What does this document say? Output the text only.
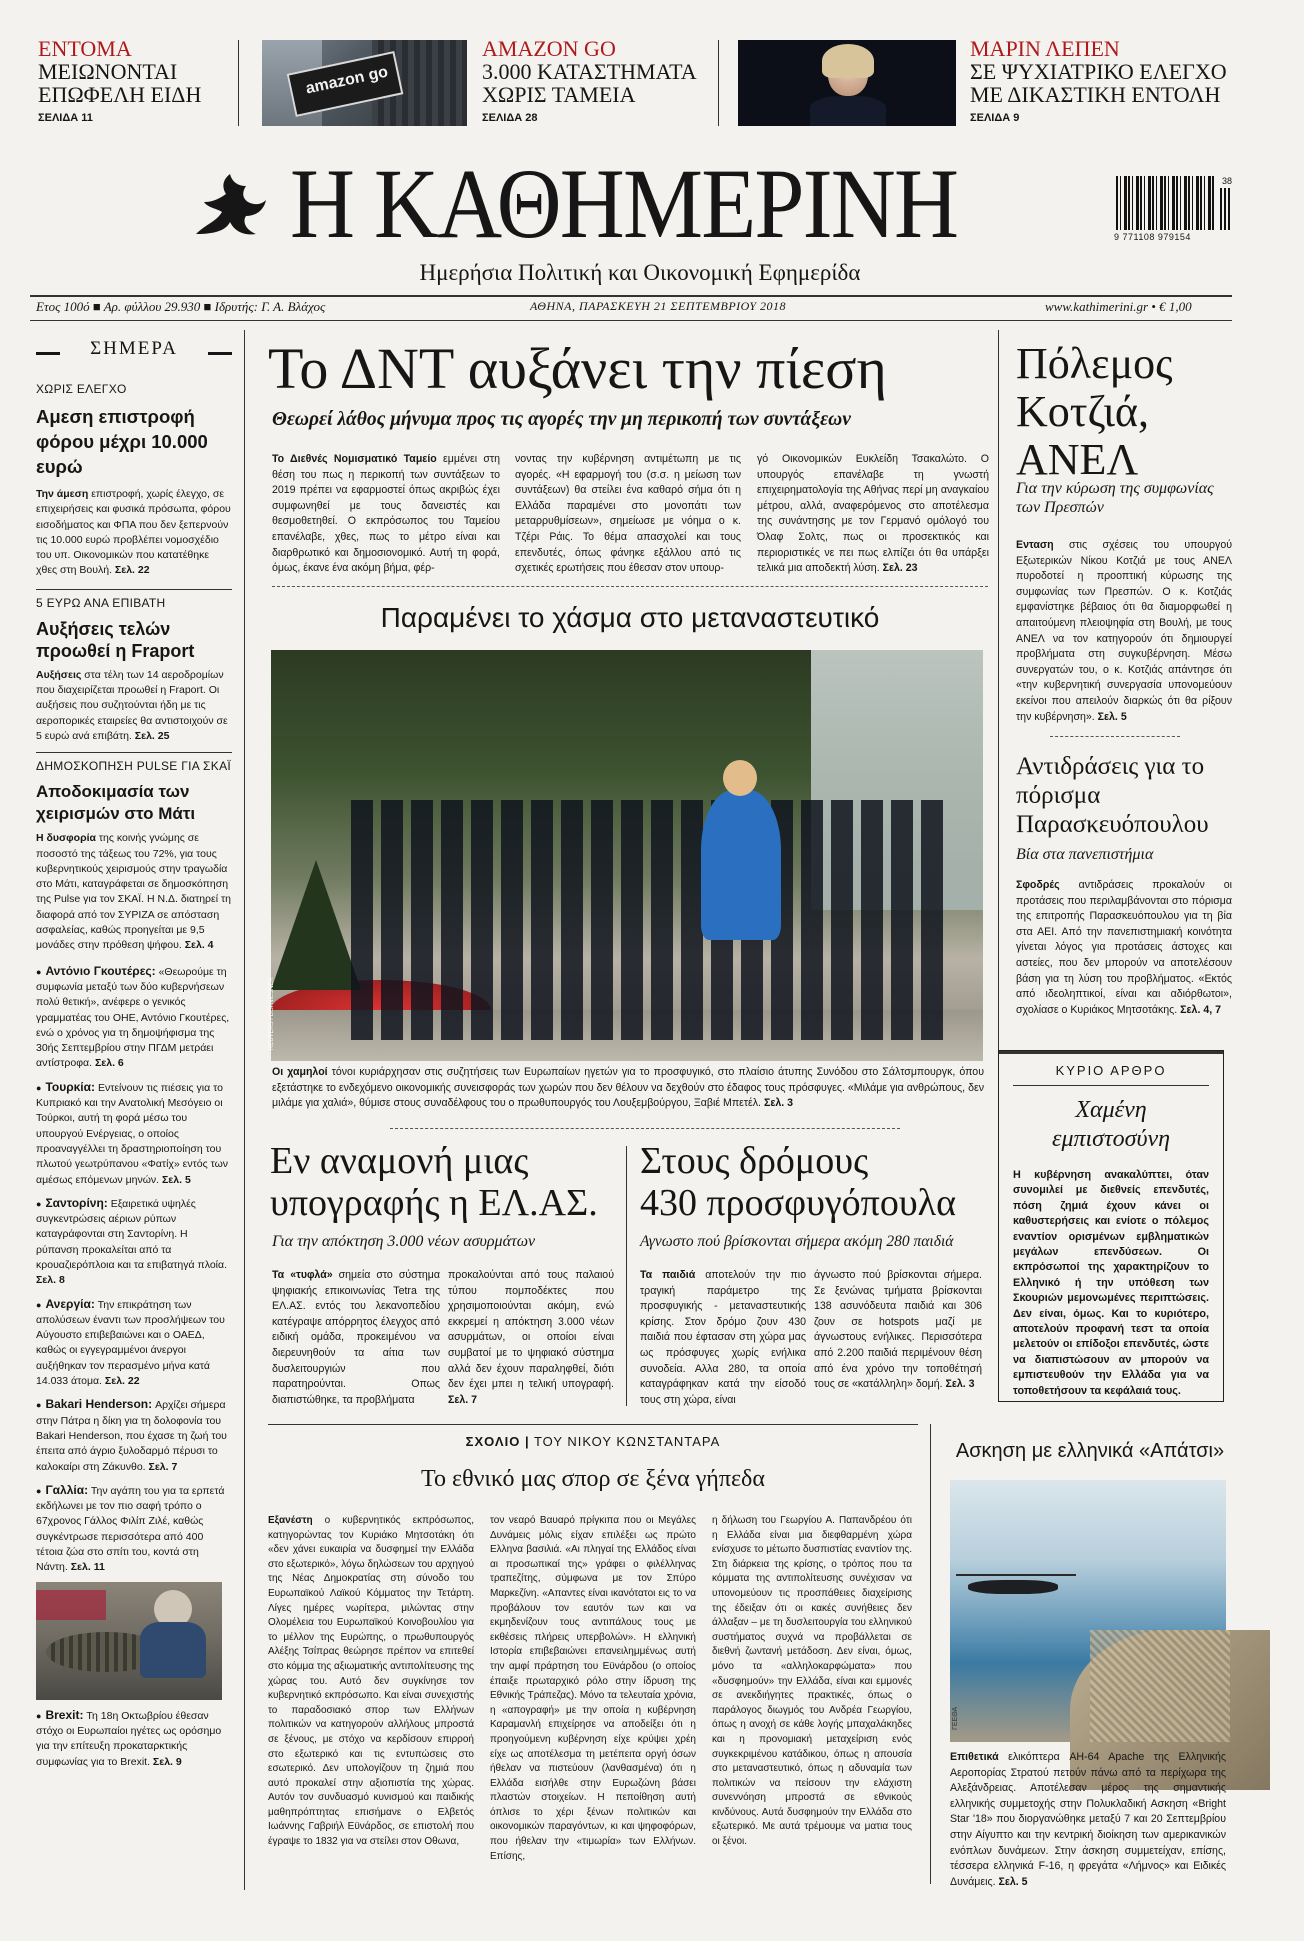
ΕΝΤΟΜΑ
ΜΕΙΩΝΟΝΤΑΙ
ΕΠΩΦΕΛΗ ΕΙΔΗ
ΣΕΛΙΔΑ 11
amazon go
AMAZON GO
3.000 ΚΑΤΑΣΤΗΜΑΤΑ
ΧΩΡΙΣ ΤΑΜΕΙΑ
ΣΕΛΙΔΑ 28
ΜΑΡΙΝ ΛΕΠΕΝ
ΣΕ ΨΥΧΙΑΤΡΙΚΟ ΕΛΕΓΧΟ
ΜΕ ΔΙΚΑΣΤΙΚΗ ΕΝΤΟΛΗ
ΣΕΛΙΔΑ 9
Η ΚΑΘΗΜΕΡΙΝΗ
Ημερήσια Πολιτική και Οικονομική Εφημερίδα
38
9 771108 979154
Ετος 100ό ■ Αρ. φύλλου 29.930 ■ Ιδρυτής: Γ. Α. Βλάχος	ΑΘΗΝΑ, ΠΑΡΑΣΚΕΥΗ 21 ΣΕΠΤΕΜΒΡΙΟΥ 2018	www.kathimerini.gr • € 1,00
ΣΗΜΕΡΑ
ΧΩΡΙΣ ΕΛΕΓΧΟ
Αμεση επιστροφή φόρου μέχρι 10.000 ευρώ
Την άμεση επιστροφή, χωρίς έλεγχο, σε επιχειρήσεις και φυσικά πρόσωπα, φόρου εισοδήματος και ΦΠΑ που δεν ξεπερνούν τις 10.000 ευρώ προβλέπει νομοσχέδιο του υπ. Οικονομικών που κατατέθηκε χθες στη Βουλή. Σελ. 22
5 ΕΥΡΩ ΑΝΑ ΕΠΙΒΑΤΗ
Αυξήσεις τελών προωθεί η Fraport
Αυξήσεις στα τέλη των 14 αεροδρομίων που διαχειρίζεται προωθεί η Fraport. Οι αυξήσεις που συζητούνται ήδη με τις αεροπορικές εταιρείες θα αντιστοιχούν σε 5 ευρώ ανά επιβάτη. Σελ. 25
ΔΗΜΟΣΚΟΠΗΣΗ PULSE ΓΙΑ ΣΚΑΪ
Αποδοκιμασία των χειρισμών στο Μάτι
Η δυσφορία της κοινής γνώμης σε ποσοστό της τάξεως του 72%, για τους κυβερνητικούς χειρισμούς στην τραγωδία στο Μάτι, καταγράφεται σε δημοσκόπηση της Pulse για τον ΣΚΑΪ. Η Ν.Δ. διατηρεί τη διαφορά από τον ΣΥΡΙΖΑ σε απόσταση ασφαλείας, καθώς προηγείται με 9,5 μονάδες στην πρόθεση ψήφου. Σελ. 4
● Αντόνιο Γκουτέρες: «Θεωρούμε τη συμφωνία μεταξύ των δύο κυβερνήσεων πολύ θετική», ανέφερε ο γενικός γραμματέας του ΟΗΕ, Αντόνιο Γκουτέρες, ενώ ο χρόνος για τη δημοψήφισμα της 30ής Σεπτεμβρίου στην ΠΓΔΜ μετράει αντίστροφα. Σελ. 6
● Τουρκία: Εντείνουν τις πιέσεις για το Κυπριακό και την Ανατολική Μεσόγειο οι Τούρκοι, αυτή τη φορά μέσω του υπουργού Ενέργειας, ο οποίος προαναγγέλλει τη δραστηριοποίηση του πλωτού γεωτρύπανου «Φατίχ» εντός των αμέσως επόμενων μηνών. Σελ. 5
● Σαντορίνη: Εξαιρετικά υψηλές συγκεντρώσεις αέριων ρύπων καταγράφονται στη Σαντορίνη. Η ρύπανση προκαλείται από τα κρουαζιερόπλοια και τα επιβατηγά πλοία. Σελ. 8
● Ανεργία: Την επικράτηση των απολύσεων έναντι των προσλήψεων του Αύγουστο επιβεβαιώνει και ο ΟΑΕΔ, καθώς οι εγγεγραμμένοι άνεργοι αυξήθηκαν τον περασμένο μήνα κατά 14.033 άτομα. Σελ. 22
● Bakari Henderson: Αρχίζει σήμερα στην Πάτρα η δίκη για τη δολοφονία του Bakari Henderson, που έχασε τη ζωή του έπειτα από άγριο ξυλοδαρμό πέρυσι το καλοκαίρι στη Ζάκυνθο. Σελ. 7
● Γαλλία: Την αγάπη του για τα ερπετά εκδήλωνει με τον πιο σαφή τρόπο ο 67χρονος Γάλλος Φιλίπ Ζιλέ, καθώς συγκέντρωσε περισσότερα από 400 τέτοια ζώα στο σπίτι του, κοντά στη Νάντη. Σελ. 11
REUTERS / STEPHANE MAHE
● Brexit: Τη 18η Οκτωβρίου έθεσαν στόχο οι Ευρωπαίοι ηγέτες ως ορόσημο για την επίτευξη προκαταρκτικής συμφωνίας για το Brexit. Σελ. 9
Το ΔΝΤ αυξάνει την πίεση
Θεωρεί λάθος μήνυμα προς τις αγορές την μη περικοπή των συντάξεων
Το Διεθνές Νομισματικό Ταμείο εμμένει στη θέση του πως η περικοπή των συντάξεων το 2019 πρέπει να εφαρμοστεί όπως ακριβώς έχει συμφωνηθεί με τους δανειστές και θεσμοθετηθεί. Ο εκπρόσωπος του Ταμείου επανέλαβε, χθες, πως το μέτρο είναι και διαρθρωτικό και δημοσιονομικό. Αυτή τη φορά, όμως, έκανε ένα ακόμη βήμα, φέρ-
νοντας την κυβέρνηση αντιμέτωπη με τις αγορές. «Η εφαρμογή του (σ.σ. η μείωση των συντάξεων) θα στείλει ένα καθαρό σήμα ότι η Ελλάδα παραμένει στο μονοπάτι των μεταρρυθμίσεων», σημείωσε με νόημα ο κ. Τζέρι Ράις. Το θέμα απασχολεί και τους επενδυτές, όπως φάνηκε εξάλλου από τις σχετικές ερωτήσεις που έθεσαν στον υπουρ-
γό Οικονομικών Ευκλείδη Τσακαλώτο. Ο υπουργός επανέλαβε τη γνωστή επιχειρηματολογία της Αθήνας περί μη αναγκαίου μέτρου, αλλά, αναφερόμενος στο αποτέλεσμα της συνάντησης με τον Γερμανό ομόλογό του Όλαφ Σολτς, πως οι προσεκτικός και περιοριστικές νε πει πως ελπίζει ότι θα υπάρξει τελικά μια αποδεκτή λύση. Σελ. 23
Παραμένει το χάσμα στο μεταναστευτικό
REUTERS / LISI NIESNER
Οι χαμηλοί τόνοι κυριάρχησαν στις συζητήσεις των Ευρωπαίων ηγετών για το προσφυγικό, στο πλαίσιο άτυπης Συνόδου στο Σάλτσμπουργκ, όπου εξετάστηκε το ενδεχόμενο οικονομικής συνεισφοράς των χωρών που δεν θέλουν να δεχθούν στο έδαφος τους πρόσφυγες. «Μιλάμε για ανθρώπους, δεν μιλάμε για χαλιά», θύμισε στους συναδέλφους του ο πρωθυπουργός του Λουξεμβούργου, Ξαβιέ Μπετέλ. Σελ. 3
Πόλεμος Κοτζιά, ΑΝΕΛ
Για την κύρωση της συμφωνίας των Πρεσπών
Ενταση στις σχέσεις του υπουργού Εξωτερικών Νίκου Κοτζιά με τους ΑΝΕΛ πυροδοτεί η προοπτική κύρωσης της συμφωνίας των Πρεσπών. Ο κ. Κοτζιάς εμφανίστηκε βέβαιος ότι θα διαμορφωθεί η απαιτούμενη πλειοψηφία στη Βουλή, με τους ΑΝΕΛ να τον κατηγορούν ότι δημιουργεί προβλήματα στη συγκυβέρνηση. Μέσω συνεργατών του, ο κ. Κοτζιάς απάντησε ότι «την κυβερνητική συνεργασία υπονομεύουν εκείνοι που απειλούν διαρκώς ότι θα ρίξουν την κυβέρνηση». Σελ. 5
Αντιδράσεις για το πόρισμα Παρασκευόπουλου
Βία στα πανεπιστήμια
Σφοδρές αντιδράσεις προκαλούν οι προτάσεις που περιλαμβάνονται στο πόρισμα της επιτροπής Παρασκευόπουλου για τη βία στα ΑΕΙ. Από την πανεπιστημιακή κοινότητα γίνεται λόγος για προτάσεις άστοχες και αστείες, που δεν μπορούν να αποτελέσουν βάση για τη λύση του προβλήματος. «Εκτός από ιδεοληπτικοί, είναι και αδιόρθωτοι», σχολίασε ο Κυριάκος Μητσοτάκης. Σελ. 4, 7
ΚΥΡΙΟ ΑΡΘΡΟ
Χαμένη εμπιστοσύνη
Η κυβέρνηση ανακαλύπτει, όταν συνομιλεί με διεθνείς επενδυτές, πόση ζημιά έχουν κάνει οι καθυστερήσεις και ενίοτε ο πόλεμος εναντίον ορισμένων εμβληματικών μεγάλων επενδύσεων. Οι εκπρόσωποί της χαρακτηρίζουν το Ελληνικό ή την υπόθεση των Σκουριών μεμονωμένες περιπτώσεις. Δεν είναι, όμως. Και το κυριότερο, αποτελούν προφανή τεστ τα οποία μελετούν οι επίδοξοι επενδυτές, ώστε να διαπιστώσουν αν μπορούν να εμπιστευθούν την Ελλάδα για να τοποθετήσουν τα κεφάλαιά τους.
Ασκηση με ελληνικά «Απάτσι»
ΓΕΕΘΑ
Επιθετικά ελικόπτερα AH-64 Apache της Ελληνικής Αεροπορίας Στρατού πετούν πάνω από τα περίχωρα της Αλεξάνδρειας. Αποτέλεσαν μέρος της σημαντικής ελληνικής συμμετοχής στην Πολυκλαδική Ασκηση «Bright Star '18» που διοργανώθηκε μεταξύ 7 και 20 Σεπτεμβρίου στην Αίγυπτο και την κεντρική διοίκηση των αμερικανικών ενόπλων δυνάμεων. Στην άσκηση συμμετείχαν, επίσης, τέσσερα ελληνικά F-16, η φρεγάτα «Λήμνος» και Ειδικές Δυνάμεις. Σελ. 5
Εν αναμονή μιας
υπογραφής η ΕΛ.ΑΣ.
Για την απόκτηση 3.000 νέων ασυρμάτων
Τα «τυφλά» σημεία στο σύστημα ψηφιακής επικοινωνίας Tetra της ΕΛ.ΑΣ. εντός του λεκανοπεδίου κατέγραψε απόρρητος έλεγχος από ειδική ομάδα, προκειμένου να διερευνηθούν τα αίτια των δυσλειτουργιών που παρατηρούνται. Οπως διαπιστώθηκε, τα προβλήματα
προκαλούνται από τους παλαιού τύπου πομποδέκτες που χρησιμοποιούνται ακόμη, ενώ εκκρεμεί η απόκτηση 3.000 νέων ασυρμάτων, οι οποίοι είναι συμβατοί με το ψηφιακό σύστημα αλλά δεν έχουν παραληφθεί, διότι δεν έχει μπει η τελική υπογραφή. Σελ. 7
Στους δρόμους
430 προσφυγόπουλα
Αγνωστο πού βρίσκονται σήμερα ακόμη 280 παιδιά
Τα παιδιά αποτελούν την πιο τραγική παράμετρο της προσφυγικής - μεταναστευτικής κρίσης. Στον δρόμο ζουν 430 παιδιά που έφτασαν στη χώρα μας ως πρόσφυγες χωρίς ενήλικα συνοδεία. Αλλα 280, τα οποία καταγράφηκαν κατά την είσοδό τους στη χώρα, είναι
άγνωστο πού βρίσκονται σήμερα. Σε ξενώνας τμήματα βρίσκονται 138 ασυνόδευτα παιδιά και 306 ζουν σε hotspots μαζί με άγνωστους ενήλικες. Περισσότερα από 2.200 παιδιά περιμένουν θέση από ένα χρόνο την τοποθέτησή τους σε «κατάλληλη» δομή. Σελ. 3
ΣΧΟΛΙΟ | ΤΟΥ ΝΙΚΟΥ ΚΩΝΣΤΑΝΤΑΡΑ
Το εθνικό μας σπορ σε ξένα γήπεδα
Εξανέστη ο κυβερνητικός εκπρόσωπος, κατηγορώντας τον Κυριάκο Μητσοτάκη ότι «δεν χάνει ευκαιρία να δυσφημεί την Ελλάδα στο εξωτερικό», λόγω δηλώσεων του αρχηγού της Νέας Δημοκρατίας στη σύνοδο του Ευρωπαϊκού Λαϊκού Κόμματος την Τετάρτη. Λίγες ημέρες νωρίτερα, μιλώντας στην Ολομέλεια του Ευρωπαϊκού Κοινοβουλίου για το μέλλον της Ευρώπης, ο πρωθυπουργός Αλέξης Τσίπρας θεώρησε πρέπον να επιτεθεί στο κόμμα της αξιωματικής αντιπολίτευσης της χώρας του. Αυτό δεν συγκίνησε τον κυβερνητικό εκπρόσωπο. Και είναι συνεχιστής το παραδοσιακό σπορ των Ελλήνων πολιτικών να κατηγορούν αλλήλους μπροστά σε ξένους, με στόχο να κερδίσουν επιρροή στο εξωτερικό και τις εντυπώσεις στο εσωτερικό. Δεν υπολογίζουν τη ζημιά που αυτό προκαλεί στην αξιοπιστία της χώρας. Αυτόν τον συνδυασμό κυνισμού και παιδικής μαθηπρόπτητας επισήμανε ο Ελβετός Ιωάννης Γαβριήλ Εϋνάρδος, σε επιστολή που έγραψε το 1832 για να στείλει στον Οθωνα,
τον νεαρό Βαυαρό πρίγκιπα που οι Μεγάλες Δυνάμεις μόλις είχαν επιλέξει ως πρώτο Ελληνα βασιλιά. «Αι πληγαί της Ελλάδος είναι αι προσωπικαί της» γράφει ο φιλέλληνας τραπεζίτης, σύμφωνα με τον Σπύρο Μαρκεζίνη. «Απαντες είναι ικανότατοι εις το να προβάλουν τον εαυτόν των και να εκμηδενίζουν τους αντιπάλους τους με εκθέσεις πλήρεις υπερβολών». Η ελληνική Ιστορία επιβεβαιώνει επανειλημμένως αυτή την αμφί πράρτηση του Εϋνάρδου (ο οποίος έπαιξε πρωταρχικό ρόλο στην ίδρυση της Εθνικής Τράπεζας). Μόνο τα τελευταία χρόνια, η «απογραφή» με την οποία η κυβέρνηση Καραμανλή επιχείρησε να αποδείξει ότι η προηγούμενη κυβέρνηση είχε κρύψει χρέη είχε ως αποτέλεσμα τη μετέπειτα οργή όσων ήθελαν να πιστεύουν (λανθασμένα) ότι η Ελλάδα εισήλθε στην Ευρωζώνη βάσει πλαστών στοιχείων. Η πεποίθηση αυτή όπλισε το χέρι ξένων πολιτικών και οικονομικών παραγόντων, κι και ψηφοφόρων, που ήθελαν την «τιμωρία» των Ελλήνων. Επίσης,
η δήλωση του Γεωργίου Α. Παπανδρέου ότι η Ελλάδα είναι μια διεφθαρμένη χώρα ενίσχυσε το μέτωπο δυσπιστίας εναντίον της. Στη διάρκεια της κρίσης, ο τρόπος που τα κόμματα της αντιπολίτευσης συνέχισαν να υπονομεύουν τις προσπάθειες διαχείρισης της έδειξαν ότι οι κακές συνήθειες δεν άλλαξαν – με τη δυσλειτουργία του ελληνικού συστήματος συχνά να προβάλλεται σε διεθνή ζωντανή μετάδοση. Δεν είναι, όμως, μόνο τα «αλληλοκαρφώματα» που «δυσφημούν» την Ελλάδα, είναι και εμμονές σε ανεκδιήγητες πρακτικές, όπως ο παράλογος διωγμός του Ανδρέα Γεωργίου, όπως η ανοχή σε κάθε λογής μπαχαλάκηδες και η προνομιακή μεταχείριση ενός συγκεκριμένου κατάδικου, όπως η απουσία στο μεταναστευτικό, όπως η αδυναμία των πολιτικών να πείσουν την ελάχιστη συνεννόηση μπροστά σε εθνικούς κινδύνους. Αυτά δυσφημούν την Ελλάδα στο εξωτερικό. Με αυτά τρέμουμε να ματια τους οι ξένοι.
